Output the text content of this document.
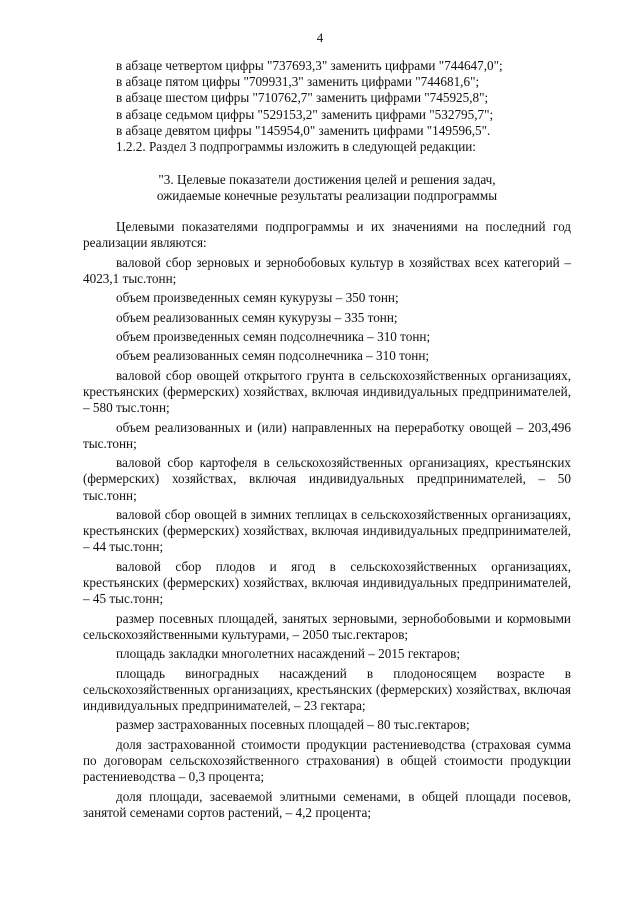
4

в абзаце четвертом цифры "737693,3" заменить цифрами "744647,0";

в абзаце пятом цифры "709931,3" заменить цифрами "744681,6";

в абзаце шестом цифры "710762,7" заменить цифрами "745925,8";

в абзаце седьмом цифры "529153,2" заменить цифрами "532795,7";

в абзаце девятом цифры "145954,0" заменить цифрами "149596,5".

1.2.2. Раздел 3 подпрограммы изложить в следующей редакции:

"3. Целевые показатели достижения целей и решения задач,

ожидаемые конечные результаты реализации подпрограммы

Целевыми показателями подпрограммы и их значениями на последний год реализации являются:

валовой сбор зерновых и зернобобовых культур в хозяйствах всех категорий – 4023,1 тыс.тонн;

объем произведенных семян кукурузы – 350 тонн;

объем реализованных семян кукурузы – 335 тонн;

объем произведенных семян подсолнечника – 310 тонн;

объем реализованных семян подсолнечника – 310 тонн;

валовой сбор овощей открытого грунта в сельскохозяйственных организациях, крестьянских (фермерских) хозяйствах, включая индивидуальных предпринимателей, – 580 тыс.тонн;

объем реализованных и (или) направленных на переработку овощей – 203,496 тыс.тонн;

валовой сбор картофеля в сельскохозяйственных организациях, крестьянских (фермерских) хозяйствах, включая индивидуальных предпринимателей, – 50 тыс.тонн;

валовой сбор овощей в зимних теплицах в сельскохозяйственных организациях, крестьянских (фермерских) хозяйствах, включая индивидуальных предпринимателей, – 44 тыс.тонн;

валовой сбор плодов и ягод в сельскохозяйственных организациях, крестьянских (фермерских) хозяйствах, включая индивидуальных предпринимателей, – 45 тыс.тонн;

размер посевных площадей, занятых зерновыми, зернобобовыми и кормовыми сельскохозяйственными культурами, – 2050 тыс.гектаров;

площадь закладки многолетних насаждений – 2015 гектаров;

площадь виноградных насаждений в плодоносящем возрасте в сельскохозяйственных организациях, крестьянских (фермерских) хозяйствах, включая индивидуальных предпринимателей, – 23 гектара;

размер застрахованных посевных площадей – 80 тыс.гектаров;

доля застрахованной стоимости продукции растениеводства (страховая сумма по договорам сельскохозяйственного страхования) в общей стоимости продукции растениеводства – 0,3 процента;

доля площади, засеваемой элитными семенами, в общей площади посевов, занятой семенами сортов растений, – 4,2 процента;
